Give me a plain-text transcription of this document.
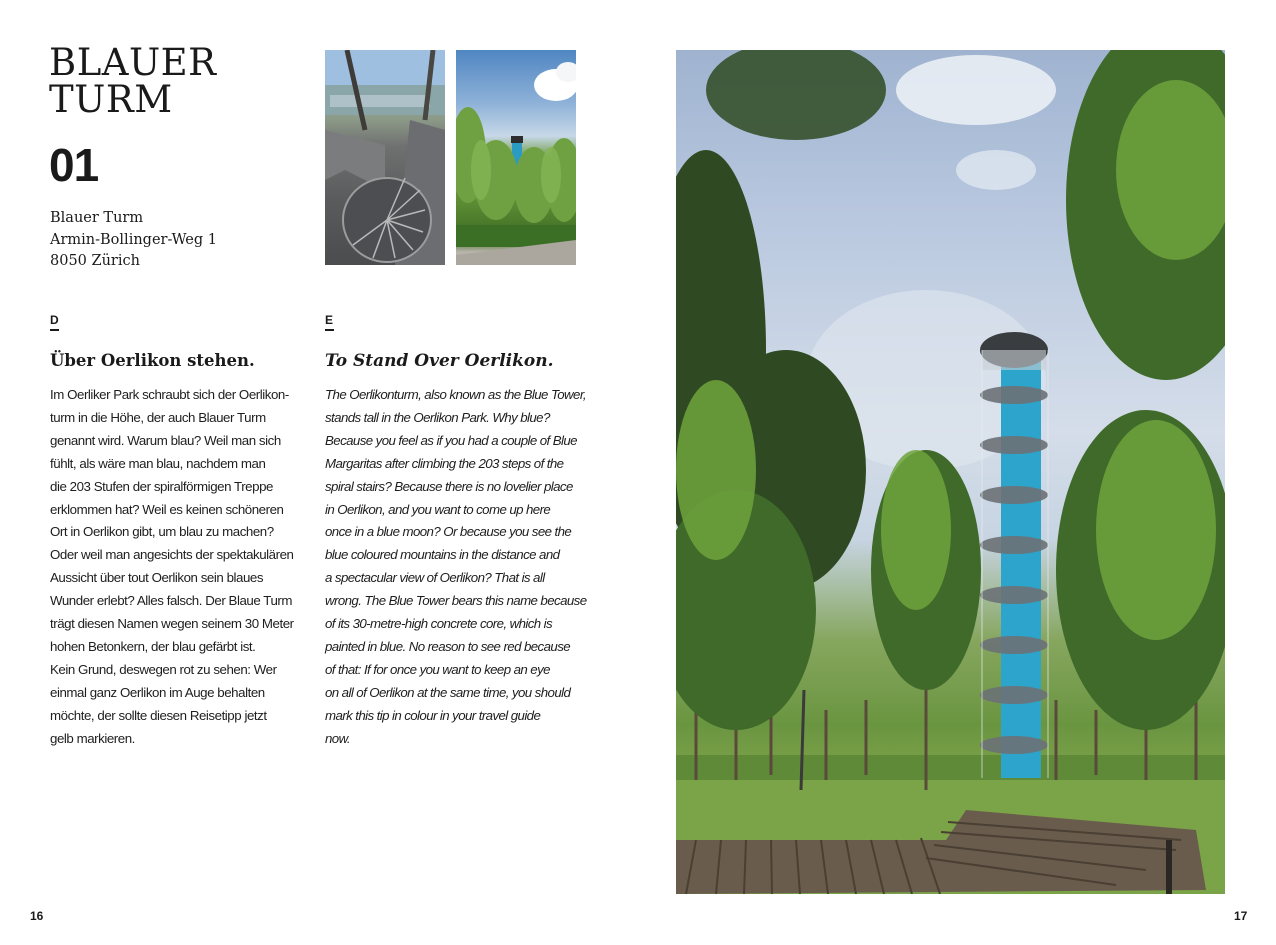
BLAUER
TURM
01
Blauer Turm
Armin-Bollinger-Weg 1
8050 Zürich
D
Über Oerlikon stehen.
Im Oerliker Park schraubt sich der Oerlikon-
turm in die Höhe, der auch Blauer Turm
genannt wird. Warum blau? Weil man sich
fühlt, als wäre man blau, nachdem man
die 203 Stufen der spiralförmigen Treppe
erklommen hat? Weil es keinen schöneren
Ort in Oerlikon gibt, um blau zu machen?
Oder weil man angesichts der spektakulären
Aussicht über tout Oerlikon sein blaues
Wunder erlebt? Alles falsch. Der Blaue Turm
trägt diesen Namen wegen seinem 30 Meter
hohen Betonkern, der blau gefärbt ist.
Kein Grund, deswegen rot zu sehen: Wer
einmal ganz Oerlikon im Auge behalten
möchte, der sollte diesen Reisetipp jetzt
gelb markieren.
E
To Stand Over Oerlikon.
The Oerlikonturm, also known as the Blue Tower,
stands tall in the Oerlikon Park. Why blue?
Because you feel as if you had a couple of Blue
Margaritas after climbing the 203 steps of the
spiral stairs? Because there is no lovelier place
in Oerlikon, and you want to come up here
once in a blue moon? Or because you see the
blue coloured mountains in the distance and
a spectacular view of Oerlikon? That is all
wrong. The Blue Tower bears this name because
of its 30-metre-high concrete core, which is
painted in blue. No reason to see red because
of that: If for once you want to keep an eye
on all of Oerlikon at the same time, you should
mark this tip in colour in your travel guide
now.
16	17
